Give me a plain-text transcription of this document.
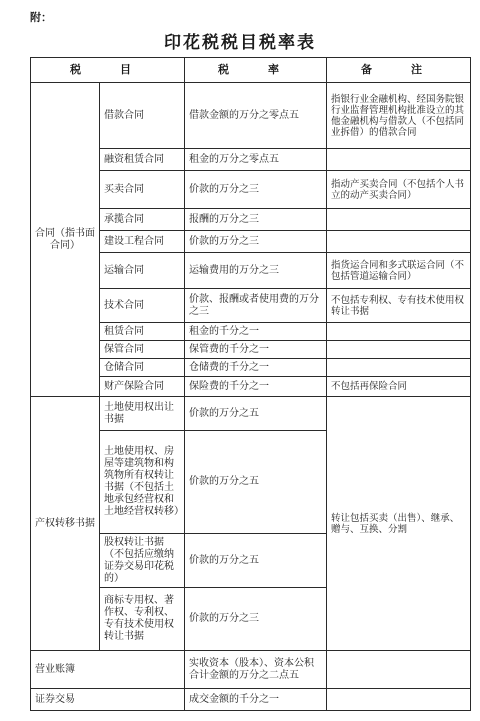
附：
印花税税目税率表
税　目		税　率	备　注
合同（指书面合同）	借款合同	借款金额的万分之零点五	指银行业金融机构、经国务院银行业监督管理机构批准设立的其他金融机构与借款人（不包括同业拆借）的借款合同
	融资租赁合同	租金的万分之零点五	
	买卖合同	价款的万分之三	指动产买卖合同（不包括个人书立的动产买卖合同）
	承揽合同	报酬的万分之三	
	建设工程合同	价款的万分之三	
	运输合同	运输费用的万分之三	指货运合同和多式联运合同（不包括管道运输合同）
	技术合同	价款、报酬或者使用费的万分之三	不包括专利权、专有技术使用权转让书据
	租赁合同	租金的千分之一	
	保管合同	保管费的千分之一	
	仓储合同	仓储费的千分之一	
	财产保险合同	保险费的千分之一	不包括再保险合同
产权转移书据	土地使用权出让书据	价款的万分之五	转让包括买卖（出售）、继承、赠与、互换、分割
	土地使用权、房屋等建筑物和构筑物所有权转让书据（不包括土地承包经营权和土地经营权转移）	价款的万分之五	
	股权转让书据（不包括应缴纳证券交易印花税的）	价款的万分之五	
	商标专用权、著作权、专利权、专有技术使用权转让书据	价款的万分之三	
营业账簿		实收资本（股本）、资本公积合计金额的万分之二点五	
证券交易		成交金额的千分之一	
